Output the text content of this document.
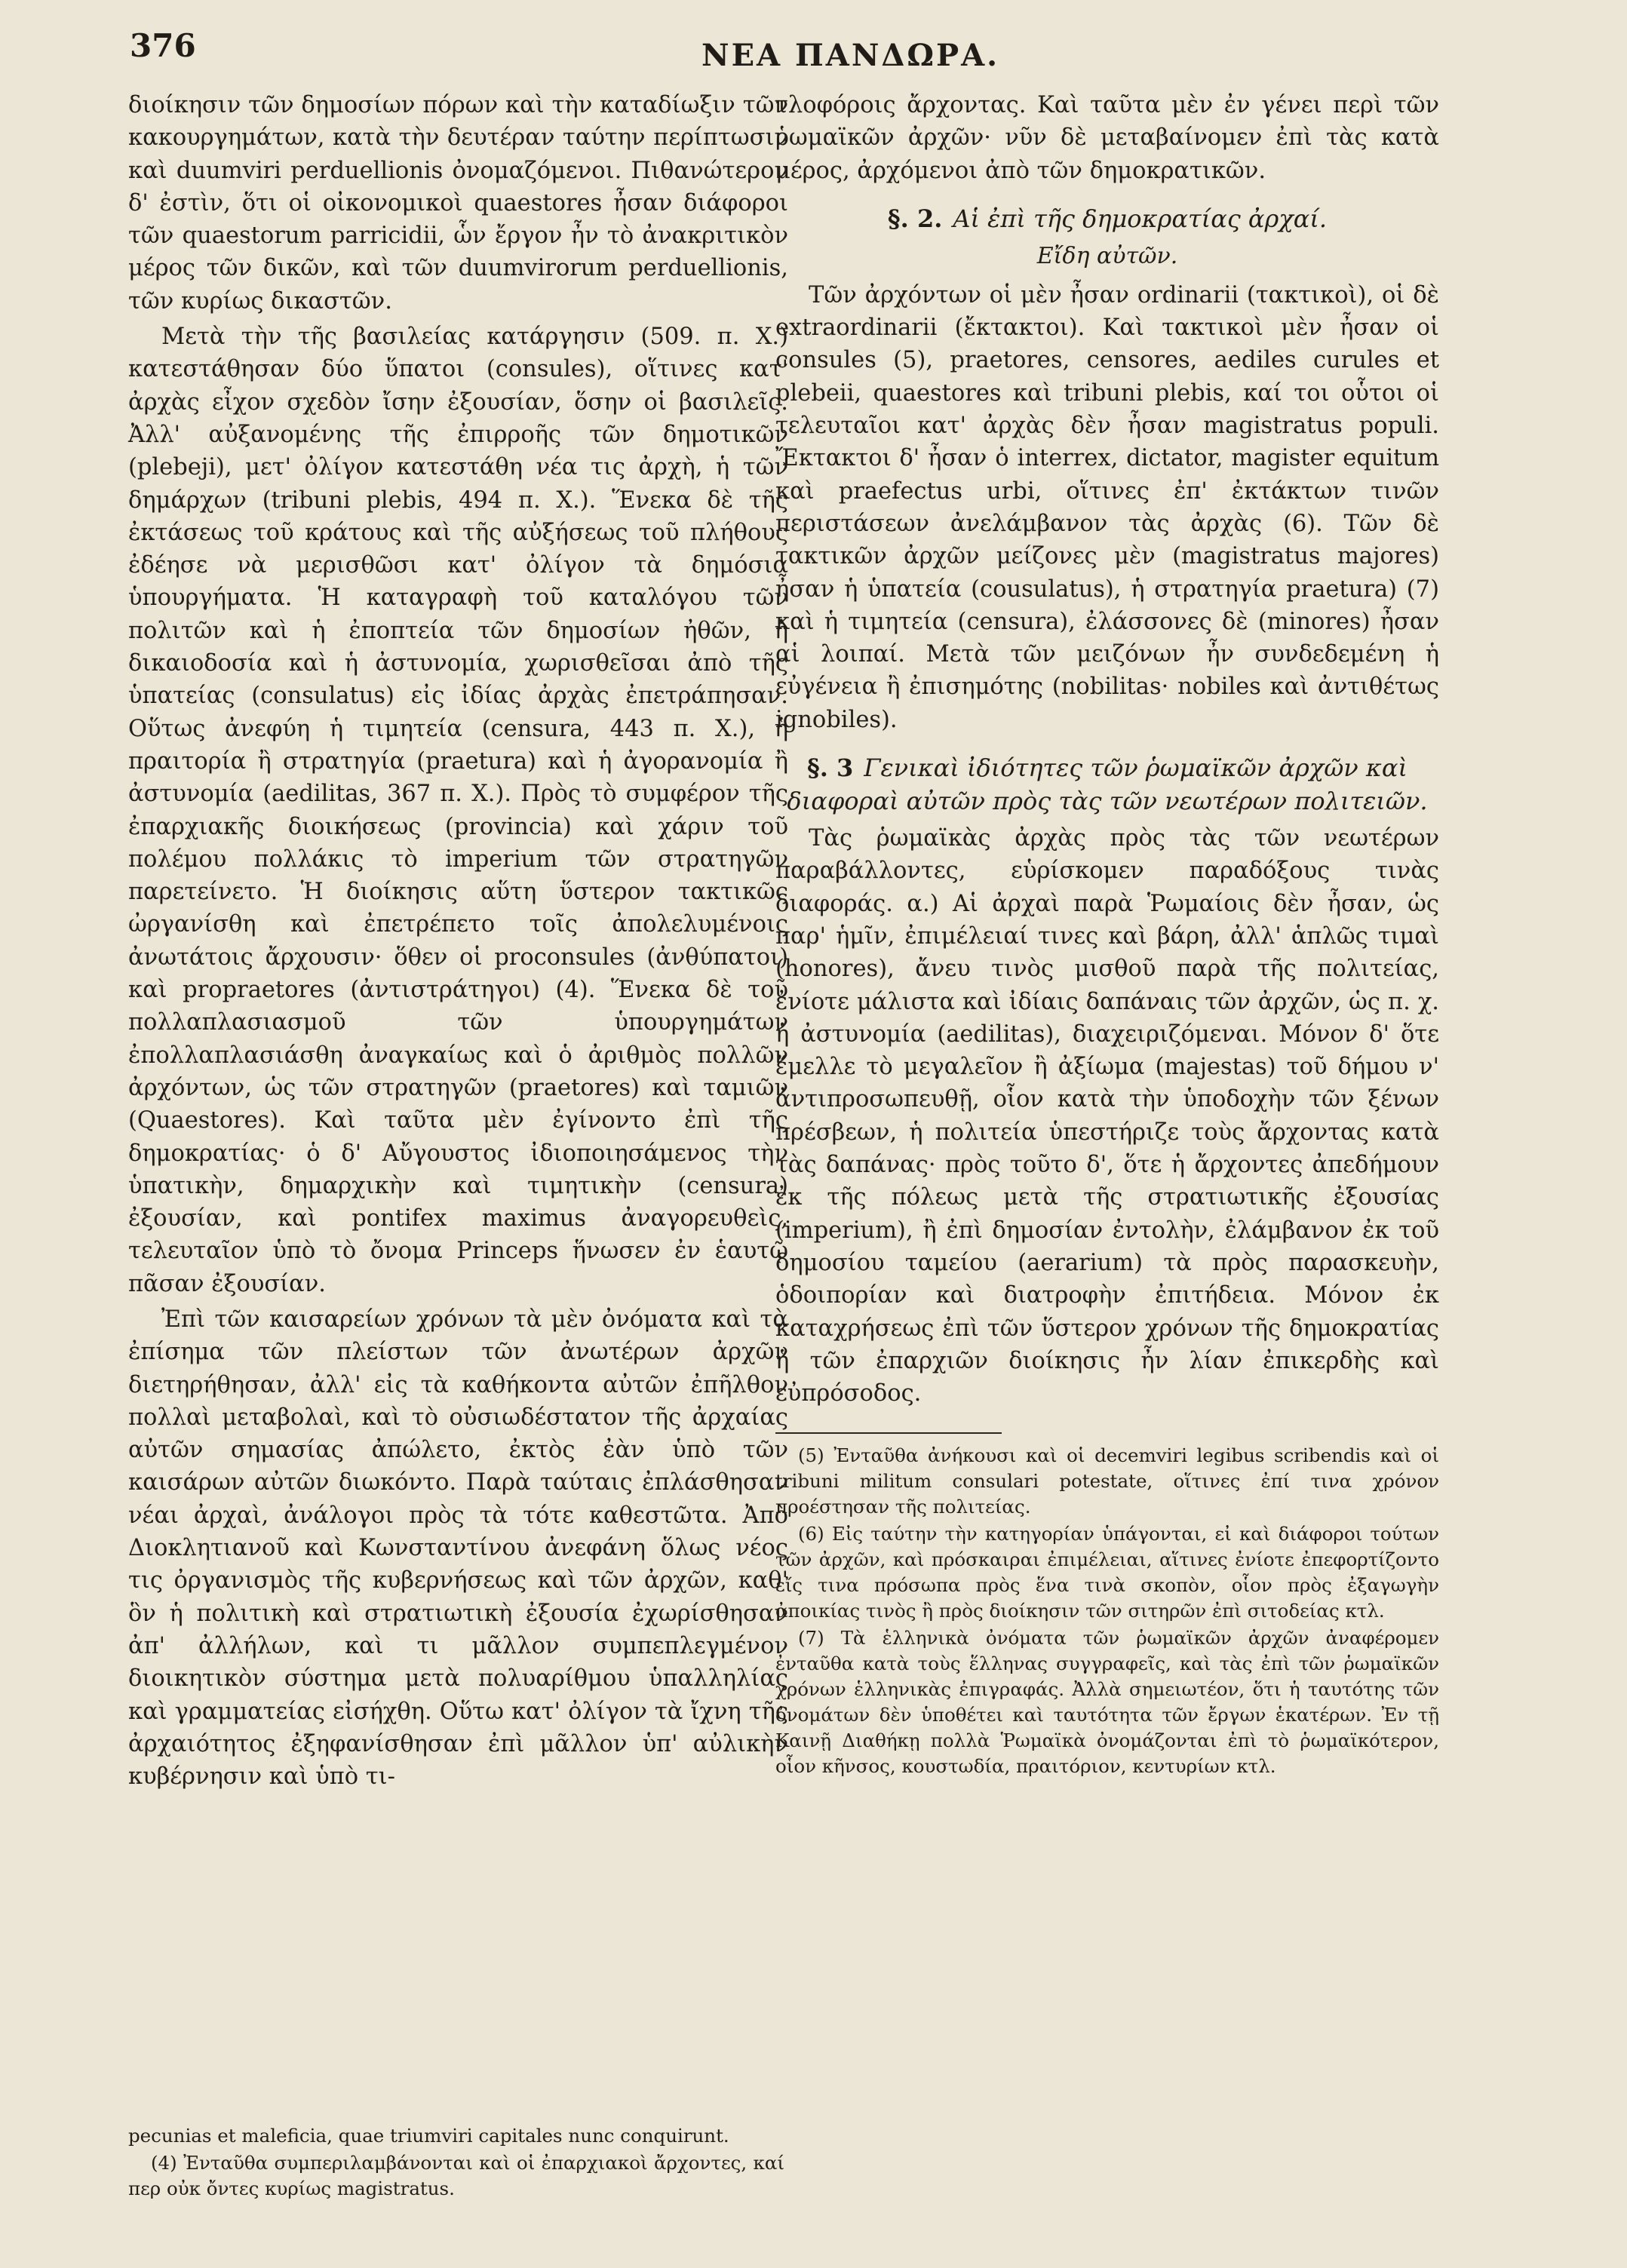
376	ΝΕΑ ΠΑΝΔΩΡΑ.

διοίκησιν τῶν δημοσίων πόρων καὶ τὴν καταδίωξιν τῶν κακουργημάτων, κατὰ τὴν δευτέραν ταύτην περίπτωσιν καὶ duumviri perduellionis ὀνομαζόμενοι. Πιθανώτερον δ' ἐστὶν, ὅτι οἱ οἰκονομικοὶ quaestores ἦσαν διάφοροι τῶν quaestorum parricidii, ὧν ἔργον ἦν τὸ ἀνακριτικὸν μέρος τῶν δικῶν, καὶ τῶν duumvirorum perduellionis, τῶν κυρίως δικαστῶν.

Μετὰ τὴν τῆς βασιλείας κατάργησιν (509. π. Χ.) κατεστάθησαν δύο ὕπατοι (consules), οἵτινες κατ' ἀρχὰς εἶχον σχεδὸν ἴσην ἐξουσίαν, ὅσην οἱ βασιλεῖς. Ἀλλ' αὐξανομένης τῆς ἐπιρροῆς τῶν δημοτικῶν (plebeji), μετ' ὀλίγον κατεστάθη νέα τις ἀρχὴ, ἡ τῶν δημάρχων (tribuni plebis, 494 π. Χ.). Ἕνεκα δὲ τῆς ἐκτάσεως τοῦ κράτους καὶ τῆς αὐξήσεως τοῦ πλήθους ἐδέησε νὰ μερισθῶσι κατ' ὀλίγον τὰ δημόσια ὑπουργήματα. Ἡ καταγραφὴ τοῦ καταλόγου τῶν πολιτῶν καὶ ἡ ἐποπτεία τῶν δημοσίων ἠθῶν, ἡ δικαιοδοσία καὶ ἡ ἀστυνομία, χωρισθεῖσαι ἀπὸ τῆς ὑπατείας (consulatus) εἰς ἰδίας ἀρχὰς ἐπετράπησαν. Οὕτως ἀνεφύη ἡ τιμητεία (censura, 443 π. Χ.), ἡ πραιτορία ἢ στρατηγία (praetura) καὶ ἡ ἀγορανομία ἢ ἀστυνομία (aedilitas, 367 π. Χ.). Πρὸς τὸ συμφέρον τῆς ἐπαρχιακῆς διοικήσεως (provincia) καὶ χάριν τοῦ πολέμου πολλάκις τὸ imperium τῶν στρατηγῶν παρετείνετο. Ἡ διοίκησις αὕτη ὕστερον τακτικῶς ὠργανίσθη καὶ ἐπετρέπετο τοῖς ἀπολελυμένοις ἀνωτάτοις ἄρχουσιν· ὅθεν οἱ proconsules (ἀνθύπατοι) καὶ propraetores (ἀντιστράτηγοι) (4). Ἕνεκα δὲ τοῦ πολλαπλασιασμοῦ τῶν ὑπουργημάτων ἐπολλαπλασιάσθη ἀναγκαίως καὶ ὁ ἀριθμὸς πολλῶν ἀρχόντων, ὡς τῶν στρατηγῶν (praetores) καὶ ταμιῶν (Quaestores). Καὶ ταῦτα μὲν ἐγίνοντο ἐπὶ τῆς δημοκρατίας· ὁ δ' Αὔγουστος ἰδιοποιησάμενος τὴν ὑπατικὴν, δημαρχικὴν καὶ τιμητικὴν (censura) ἐξουσίαν, καὶ pontifex maximus ἀναγορευθεὶς, τελευταῖον ὑπὸ τὸ ὄνομα Princeps ἥνωσεν ἐν ἑαυτῷ πᾶσαν ἐξουσίαν.

Ἐπὶ τῶν καισαρείων χρόνων τὰ μὲν ὀνόματα καὶ τὰ ἐπίσημα τῶν πλείστων τῶν ἀνωτέρων ἀρχῶν διετηρήθησαν, ἀλλ' εἰς τὰ καθήκοντα αὐτῶν ἐπῆλθον πολλαὶ μεταβολαὶ, καὶ τὸ οὐσιωδέστατον τῆς ἀρχαίας αὐτῶν σημασίας ἀπώλετο, ἐκτὸς ἐὰν ὑπὸ τῶν καισάρων αὐτῶν διωκόντο. Παρὰ ταύταις ἐπλάσθησαν νέαι ἀρχαὶ, ἀνάλογοι πρὸς τὰ τότε καθεστῶτα. Ἀπὸ Διοκλητιανοῦ καὶ Κωνσταντίνου ἀνεφάνη ὅλως νέος τις ὀργανισμὸς τῆς κυβερνήσεως καὶ τῶν ἀρχῶν, καθ' ὃν ἡ πολιτικὴ καὶ στρατιωτικὴ ἐξουσία ἐχωρίσθησαν ἀπ' ἀλλήλων, καὶ τι μᾶλλον συμπεπλεγμένον διοικητικὸν σύστημα μετὰ πολυαρίθμου ὑπαλληλίας καὶ γραμματείας εἰσήχθη. Οὕτω κατ' ὀλίγον τὰ ἴχνη τῆς ἀρχαιότητος ἐξηφανίσθησαν ἐπὶ μᾶλλον ὑπ' αὐλικὴν κυβέρνησιν καὶ ὑπὸ τι-

pecunias et maleficia, quae triumviri capitales nunc conquirunt.

(4) Ἐνταῦθα συμπεριλαμβάνονται καὶ οἱ ἐπαρχιακοὶ ἄρχοντες, καί περ οὐκ ὄντες κυρίως magistratus.

τλοφόροις ἄρχοντας. Καὶ ταῦτα μὲν ἐν γένει περὶ τῶν ῥωμαϊκῶν ἀρχῶν· νῦν δὲ μεταβαίνομεν ἐπὶ τὰς κατὰ μέρος, ἀρχόμενοι ἀπὸ τῶν δημοκρατικῶν.

§. 2. Αἱ ἐπὶ τῆς δημοκρατίας ἀρχαί.
Εἴδη αὐτῶν.

Τῶν ἀρχόντων οἱ μὲν ἦσαν ordinarii (τακτικοὶ), οἱ δὲ extraordinarii (ἔκτακτοι). Καὶ τακτικοὶ μὲν ἦσαν οἱ consules (5), praetores, censores, aediles curules et plebeii, quaestores καὶ tribuni plebis, καί τοι οὗτοι οἱ τελευταῖοι κατ' ἀρχὰς δὲν ἦσαν magistratus populi. Ἔκτακτοι δ' ἦσαν ὁ interrex, dictator, magister equitum καὶ praefectus urbi, οἵτινες ἐπ' ἐκτάκτων τινῶν περιστάσεων ἀνελάμβανον τὰς ἀρχὰς (6). Τῶν δὲ τακτικῶν ἀρχῶν μείζονες μὲν (magistratus majores) ἦσαν ἡ ὑπατεία (cousulatus), ἡ στρατηγία praetura) (7) καὶ ἡ τιμητεία (censura), ἐλάσσονες δὲ (minores) ἦσαν αἱ λοιπαί. Μετὰ τῶν μειζόνων ἦν συνδεδεμένη ἡ εὐγένεια ἢ ἐπισημότης (nobilitas· nobiles καὶ ἀντιθέτως ignobiles).

§. 3 Γενικαὶ ἰδιότητες τῶν ῥωμαϊκῶν ἀρχῶν καὶ διαφοραὶ αὐτῶν πρὸς τὰς τῶν νεωτέρων πολιτειῶν.

Τὰς ῥωμαϊκὰς ἀρχὰς πρὸς τὰς τῶν νεωτέρων παραβάλλοντες, εὑρίσκομεν παραδόξους τινὰς διαφοράς. α.) Αἱ ἀρχαὶ παρὰ Ῥωμαίοις δὲν ἦσαν, ὡς παρ' ἡμῖν, ἐπιμέλειαί τινες καὶ βάρη, ἀλλ' ἁπλῶς τιμαὶ (honores), ἄνευ τινὸς μισθοῦ παρὰ τῆς πολιτείας, ἐνίοτε μάλιστα καὶ ἰδίαις δαπάναις τῶν ἀρχῶν, ὡς π. χ. ἡ ἀστυνομία (aedilitas), διαχειριζόμεναι. Μόνον δ' ὅτε ἔμελλε τὸ μεγαλεῖον ἢ ἀξίωμα (majestas) τοῦ δήμου ν' ἀντιπροσωπευθῇ, οἷον κατὰ τὴν ὑποδοχὴν τῶν ξένων πρέσβεων, ἡ πολιτεία ὑπεστήριζε τοὺς ἄρχοντας κατὰ τὰς δαπάνας· πρὸς τοῦτο δ', ὅτε ἡ ἄρχοντες ἀπεδήμουν ἐκ τῆς πόλεως μετὰ τῆς στρατιωτικῆς ἐξουσίας (imperium), ἢ ἐπὶ δημοσίαν ἐντολὴν, ἐλάμβανον ἐκ τοῦ δημοσίου ταμείου (aerarium) τὰ πρὸς παρασκευὴν, ὁδοιπορίαν καὶ διατροφὴν ἐπιτήδεια. Μόνον ἐκ καταχρήσεως ἐπὶ τῶν ὕστερον χρόνων τῆς δημοκρατίας ἡ τῶν ἐπαρχιῶν διοίκησις ἦν λίαν ἐπικερδὴς καὶ εὐπρόσοδος.

(5) Ἐνταῦθα ἀνήκουσι καὶ οἱ decemviri legibus scribendis καὶ οἱ tribuni militum consulari potestate, οἵτινες ἐπί τινα χρόνον προέστησαν τῆς πολιτείας.

(6) Εἰς ταύτην τὴν κατηγορίαν ὑπάγονται, εἰ καὶ διάφοροι τούτων τῶν ἀρχῶν, καὶ πρόσκαιραι ἐπιμέλειαι, αἵτινες ἐνίοτε ἐπεφορτίζοντο εἴς τινα πρόσωπα πρὸς ἕνα τινὰ σκοπὸν, οἷον πρὸς ἐξαγωγὴν ἀποικίας τινὸς ἢ πρὸς διοίκησιν τῶν σιτηρῶν ἐπὶ σιτοδείας κτλ.

(7) Τὰ ἑλληνικὰ ὀνόματα τῶν ῥωμαϊκῶν ἀρχῶν ἀναφέρομεν ἐνταῦθα κατὰ τοὺς ἕλληνας συγγραφεῖς, καὶ τὰς ἐπὶ τῶν ῥωμαϊκῶν χρόνων ἑλληνικὰς ἐπιγραφάς. Ἀλλὰ σημειωτέον, ὅτι ἡ ταυτότης τῶν ὀνομάτων δὲν ὑποθέτει καὶ ταυτότητα τῶν ἔργων ἑκατέρων. Ἐν τῇ Καινῇ Διαθήκῃ πολλὰ Ῥωμαϊκὰ ὀνομάζονται ἐπὶ τὸ ῥωμαϊκότερον, οἷον κῆνσος, κουστωδία, πραιτόριον, κεντυρίων κτλ.
